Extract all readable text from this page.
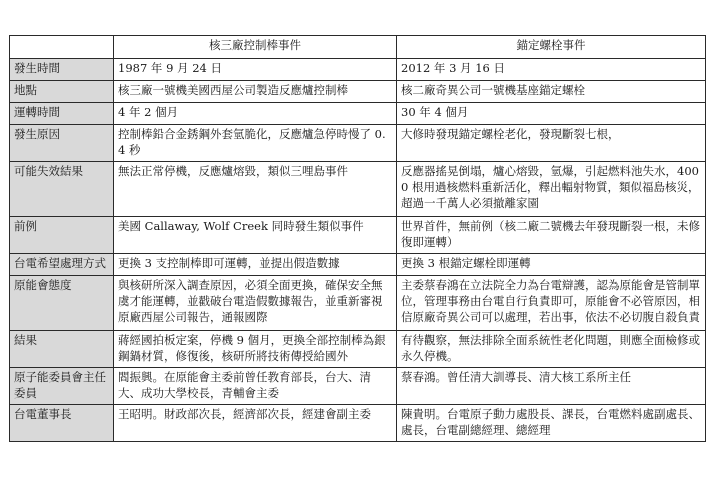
	核三廠控制棒事件	錨定螺栓事件
發生時間	1987 年 9 月 24 日	2012 年 3 月 16 日
地點	核三廠一號機美國西屋公司製造反應爐控制棒	核二廠奇異公司一號機基座錨定螺栓
運轉時間	4 年 2 個月	30 年 4 個月
發生原因	控制棒鉛合金銹鋼外套氫脆化，反應爐急停時慢了 0.4 秒	大修時發現錨定螺栓老化，發現斷裂七根，
可能失效結果	無法正常停機，反應爐熔毀，類似三哩島事件	反應器搖晃倒塌，爐心熔毀，氫爆，引起燃料池失水，4000 根用過核燃料重新活化，釋出輻射物質，類似福島核災，超過一千萬人必須撤離家園
前例	美國 Callaway, Wolf Creek 同時發生類似事件	世界首件，無前例（核二廠二號機去年發現斷裂一根，未修復即運轉）
台電希望處理方式	更換 3 支控制棒即可運轉，並提出假造數據	更換 3 根錨定螺栓即運轉
原能會態度	與核研所深入調查原因，必須全面更換，確保安全無虞才能運轉，並戳破台電造假數據報告，並重新審視原廠西屋公司報告，通報國際	主委蔡春鴻在立法院全力為台電辯護，認為原能會是管制單位，管理事務由台電自行負責即可，原能會不必管原因，相信原廠奇異公司可以處理，若出事，依法不必切腹自殺負責
結果	蔣經國拍板定案，停機 9 個月，更換全部控制棒為銀鋼鍋材質，修復後，核研所將技術傳授給國外	有待觀察，無法排除全面系統性老化問題，則應全面檢修或永久停機。
原子能委員會主任委員	閻振興。在原能會主委前曾任教育部長，台大、清大、成功大學校長，青輔會主委	蔡春鴻。曾任清大訓導長、清大核工系所主任
台電董事長	王昭明。財政部次長，經濟部次長，經建會副主委	陳貴明。台電原子動力處股長、課長，台電燃料處副處長、處長，台電副總經理、總經理
